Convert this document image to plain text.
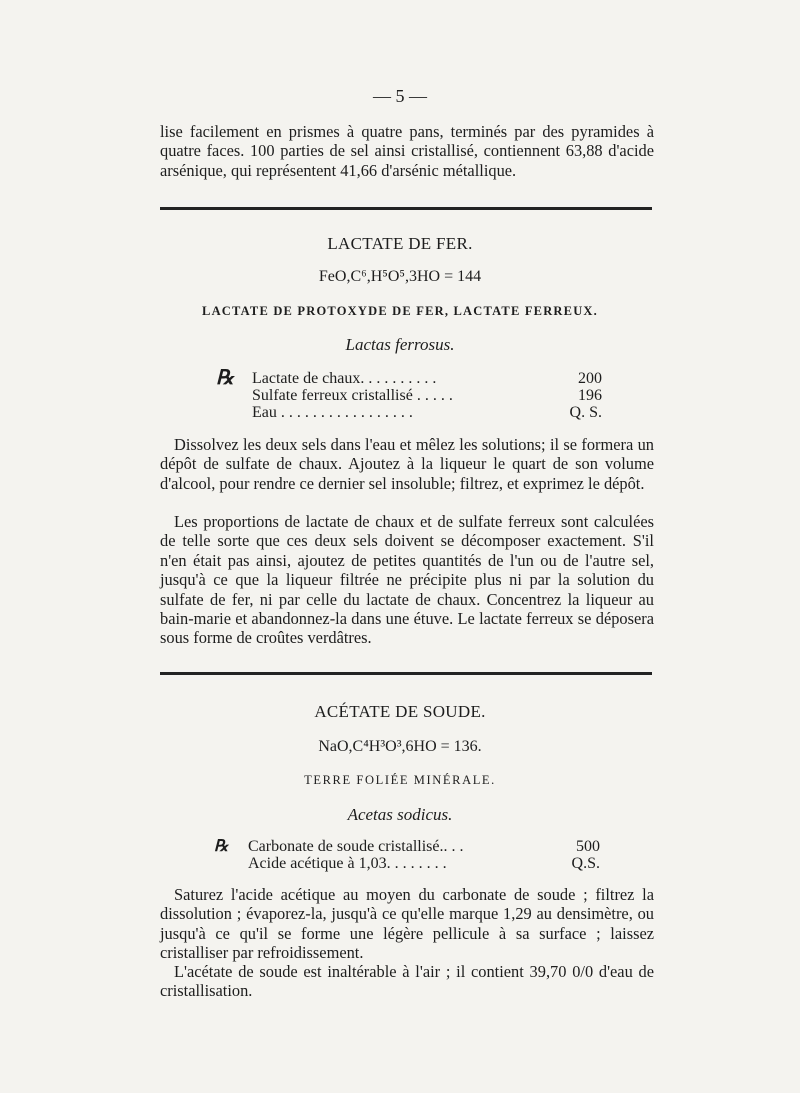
— 5 —

lise facilement en prismes à quatre pans, terminés par des pyramides à quatre faces. 100 parties de sel ainsi cristallisé, contiennent 63,88 d'acide arsénique, qui représentent 41,66 d'arsénic métallique.

LACTATE DE FER.

FeO,C⁶,H⁵O⁵,3HO = 144

LACTATE DE PROTOXYDE DE FER, LACTATE FERREUX.

Lactas ferrosus.

℞ Lactate de chaux. . . . . . . . . .	200
Sulfate ferreux cristallisé . . . . .	196
Eau . . . . . . . . . . . . . . . . .	Q. S.

Dissolvez les deux sels dans l'eau et mêlez les solutions; il se formera un dépôt de sulfate de chaux. Ajoutez à la liqueur le quart de son volume d'alcool, pour rendre ce dernier sel insoluble; filtrez, et exprimez le dépôt.

Les proportions de lactate de chaux et de sulfate ferreux sont calculées de telle sorte que ces deux sels doivent se décomposer exactement. S'il n'en était pas ainsi, ajoutez de petites quantités de l'un ou de l'autre sel, jusqu'à ce que la liqueur filtrée ne précipite plus ni par la solution du sulfate de fer, ni par celle du lactate de chaux. Concentrez la liqueur au bain-marie et abandonnez-la dans une étuve. Le lactate ferreux se déposera sous forme de croûtes verdâtres.

ACÉTATE DE SOUDE.

NaO,C⁴H³O³,6HO = 136.

TERRE FOLIÉE MINÉRALE.

Acetas sodicus.

℞ Carbonate de soude cristallisé.. . .	500
Acide acétique à 1,03. . . . . . . .	Q.S.

Saturez l'acide acétique au moyen du carbonate de soude ; filtrez la dissolution ; évaporez-la, jusqu'à ce qu'elle marque 1,29 au densimètre, ou jusqu'à ce qu'il se forme une légère pellicule à sa surface ; laissez cristalliser par refroidissement.

L'acétate de soude est inaltérable à l'air ; il contient 39,70 0/0 d'eau de cristallisation.
